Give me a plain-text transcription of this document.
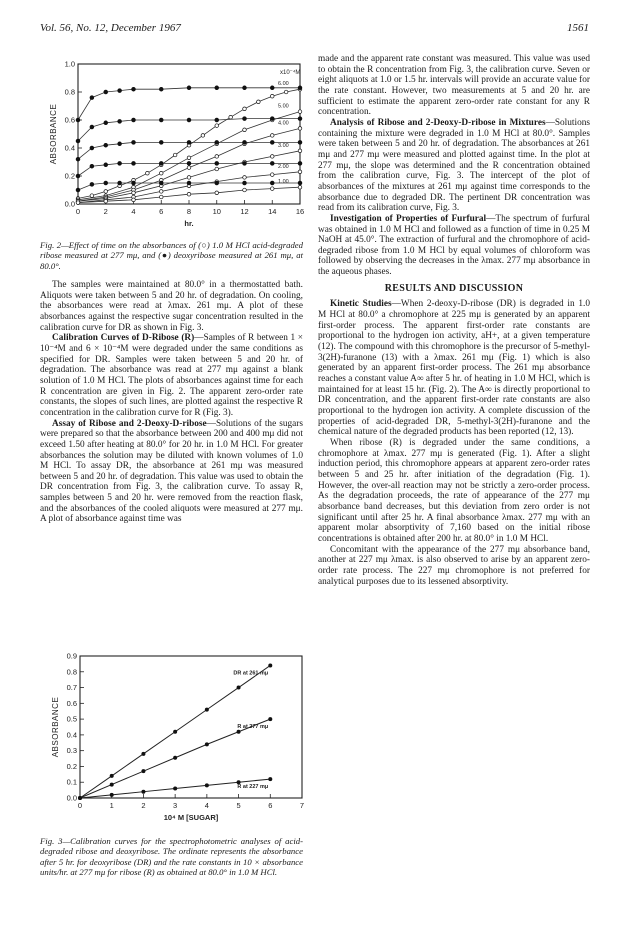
Vol. 56, No. 12, December 1967	1561
0	2	4	6	8	10	12	14	16
0.0
0.2
0.4
0.6
0.8
1.0
hr.
ABSORBANCE
6.00
5.00
4.00
3.00
2.00
1.00
x10⁻⁴M
Fig. 2—Effect of time on the absorbances of (○) 1.0 M HCl acid-degraded ribose measured at 277 mμ, and (●) deoxyribose measured at 261 mμ, at 80.0°.

The samples were maintained at 80.0° in a thermostatted bath. Aliquots were taken between 5 and 20 hr. of degradation. On cooling, the absorbances were read at λmax. 261 mμ. A plot of these absorbances against the respective sugar concentration resulted in the calibration curve for DR as shown in Fig. 3.

Calibration Curves of D-Ribose (R)—Samples of R between 1 × 10⁻⁴M and 6 × 10⁻⁴M were degraded under the same conditions as specified for DR. Samples were taken between 5 and 20 hr. of degradation. The absorbance was read at 277 mμ against a blank solution of 1.0 M HCl. The plots of absorbances against time for each R concentration are given in Fig. 2. The apparent zero-order rate constants, the slopes of such lines, are plotted against the respective R concentration in the calibration curve for R (Fig. 3).

Assay of Ribose and 2-Deoxy-D-ribose—Solutions of the sugars were prepared so that the absorbance between 200 and 400 mμ did not exceed 1.50 after heating at 80.0° for 20 hr. in 1.0 M HCl. For greater absorbances the solution may be diluted with known volumes of 1.0 M HCl. To assay DR, the absorbance at 261 mμ was measured between 5 and 20 hr. of degradation. This value was used to obtain the DR concentration from Fig. 3, the calibration curve. To assay R, samples between 5 and 20 hr. were removed from the reaction flask, and the absorbances of the cooled aliquots were measured at 277 mμ. A plot of absorbance against time was

0	1	2	3	4	5	6	7
0.0
0.1
0.2
0.3
0.4
0.5
0.6
0.7
0.8
0.9
10⁴ M [SUGAR]
ABSORBANCE
DR at 261 mμ
R at 277 mμ
R at 227 mμ
Fig. 3—Calibration curves for the spectrophotometric analyses of acid-degraded ribose and deoxyribose. The ordinate represents the absorbance after 5 hr. for deoxyribose (DR) and the rate constants in 10 × absorbance units/hr. at 277 mμ for ribose (R) as obtained at 80.0° in 1.0 M HCl.

made and the apparent rate constant was measured. This value was used to obtain the R concentration from Fig. 3, the calibration curve. Seven or eight aliquots at 1.0 or 1.5 hr. intervals will provide an accurate value for the rate constant. However, two measurements at 5 and 20 hr. are sufficient to estimate the apparent zero-order rate constant for any R concentration.

Analysis of Ribose and 2-Deoxy-D-ribose in Mixtures—Solutions containing the mixture were degraded in 1.0 M HCl at 80.0°. Samples were taken between 5 and 20 hr. of degradation. The absorbances at 261 mμ and 277 mμ were measured and plotted against time. In the plot at 277 mμ, the slope was determined and the R concentration obtained from the calibration curve, Fig. 3. The intercept of the plot of absorbances of the mixtures at 261 mμ against time corresponds to the absorbance due to degraded DR. The pertinent DR concentration was read from its calibration curve, Fig. 3.

Investigation of Properties of Furfural—The spectrum of furfural was obtained in 1.0 M HCl and followed as a function of time in 0.25 M NaOH at 45.0°. The extraction of furfural and the chromophore of acid-degraded ribose from 1.0 M HCl by equal volumes of chloroform was followed by observing the decreases in the λmax. 277 mμ absorbance in the aqueous phases.

RESULTS AND DISCUSSION

Kinetic Studies—When 2-deoxy-D-ribose (DR) is degraded in 1.0 M HCl at 80.0° a chromophore at 225 mμ is generated by an apparent first-order process. The apparent first-order rate constants are proportional to the hydrogen ion activity, aH+, at a given temperature (12). The compound with this chromophore is the precursor of 5-methyl-3(2H)-furanone (13) with a λmax. 261 mμ (Fig. 1) which is also generated by an apparent first-order process. The 261 mμ absorbance reaches a constant value A∞ after 5 hr. of heating in 1.0 M HCl, which is maintained for at least 15 hr. (Fig. 2). The A∞ is directly proportional to DR concentration, and the apparent first-order rate constants are also proportional to the hydrogen ion activity. A complete discussion of the properties of acid-degraded DR, 5-methyl-3(2H)-furanone and the chemical nature of the degraded products has been reported (12, 13).

When ribose (R) is degraded under the same conditions, a chromophore at λmax. 277 mμ is generated (Fig. 1). After a slight induction period, this chromophore appears at apparent zero-order rates between 5 and 25 hr. after initiation of the degradation (Fig. 1). However, the over-all reaction may not be strictly a zero-order process. As the degradation proceeds, the rate of appearance of the 277 mμ absorbance band decreases, but this deviation from zero order is not significant until after 25 hr. A final absorbance λmax. 277 mμ with an apparent molar absorptivity of 7,160 based on the initial ribose concentrations is obtained after 200 hr. at 80.0° in 1.0 M HCl.

Concomitant with the appearance of the 277 mμ absorbance band, another at 227 mμ λmax. is also observed to arise by an apparent zero-order rate process. The 227 mμ chromophore is not preferred for analytical purposes due to its lessened absorptivity.
